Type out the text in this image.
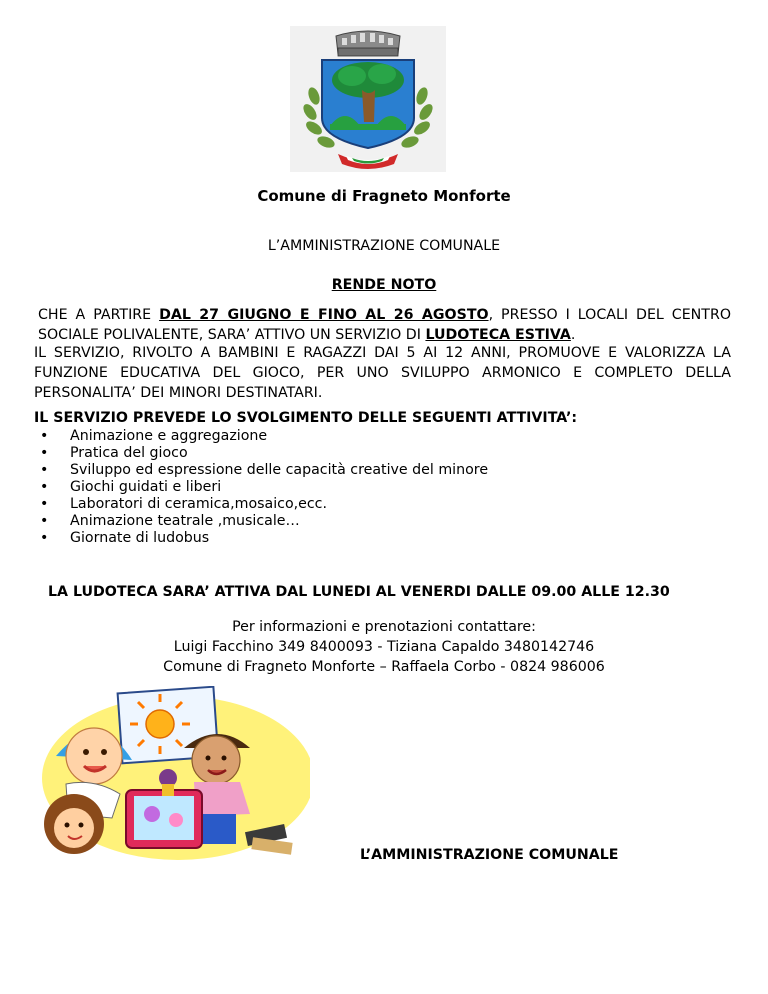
Comune di Fragneto Monforte
L’AMMINISTRAZIONE COMUNALE
RENDE NOTO
CHE A PARTIRE DAL 27 GIUGNO E FINO AL 26 AGOSTO, PRESSO I LOCALI DEL CENTRO
SOCIALE POLIVALENTE, SARA’ ATTIVO UN SERVIZIO DI LUDOTECA ESTIVA.
IL SERVIZIO, RIVOLTO A BAMBINI E RAGAZZI DAI 5 AI 12 ANNI, PROMUOVE E VALORIZZA LA
FUNZIONE EDUCATIVA DEL GIOCO, PER UNO SVILUPPO ARMONICO E COMPLETO DELLA
PERSONALITA’ DEI MINORI DESTINATARI.
IL SERVIZIO PREVEDE LO SVOLGIMENTO DELLE SEGUENTI ATTIVITA’:
• Animazione e aggregazione
• Pratica del gioco
• Sviluppo ed espressione delle capacità creative del minore
• Giochi guidati e liberi
• Laboratori di ceramica,mosaico,ecc.
• Animazione teatrale ,musicale…
• Giornate di ludobus
LA LUDOTECA SARA’ ATTIVA DAL LUNEDI AL VENERDI DALLE 09.00 ALLE 12.30
Per informazioni e prenotazioni contattare:
Luigi Facchino 349 8400093 - Tiziana Capaldo 3480142746
Comune di Fragneto Monforte – Raffaela Corbo - 0824 986006
L’AMMINISTRAZIONE COMUNALE
